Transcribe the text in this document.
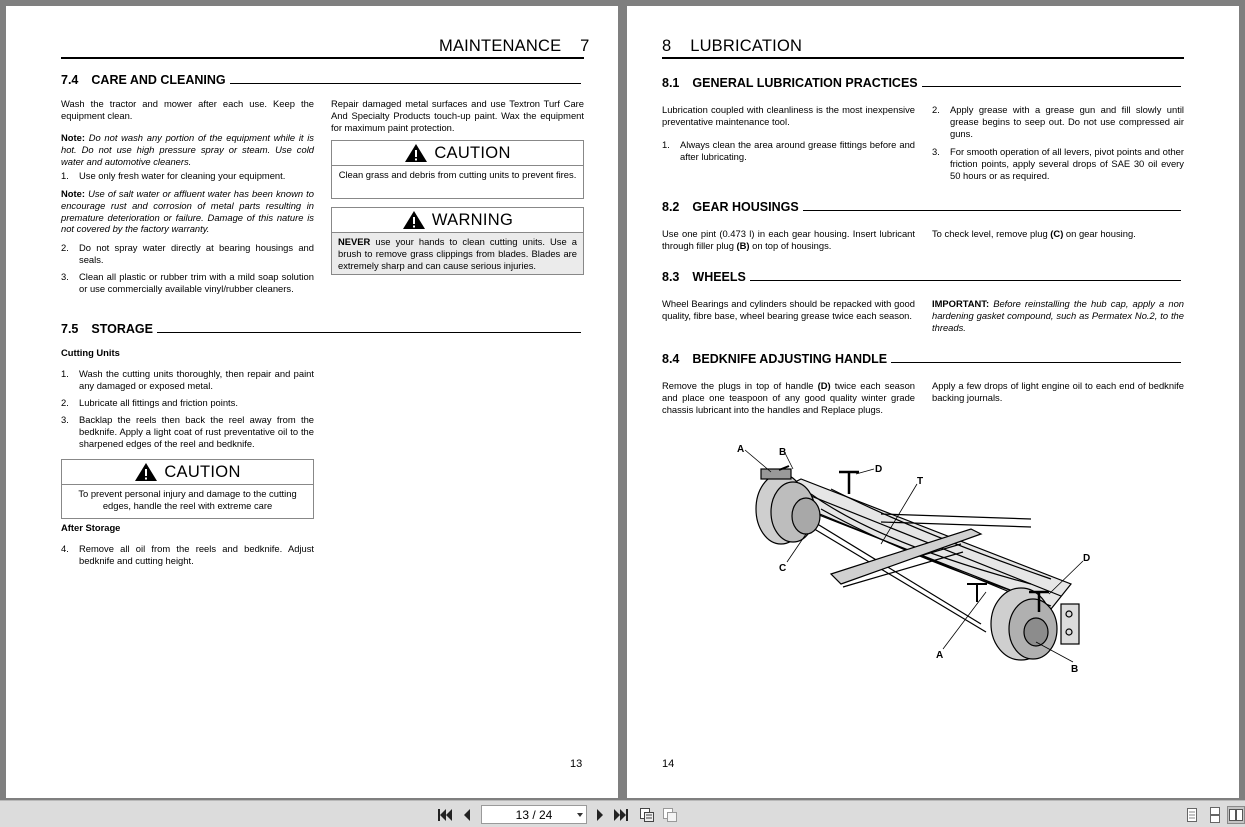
MAINTENANCE 7
7.4 CARE AND CLEANING
Wash the tractor and mower after each use. Keep the equipment clean.
Note: Do not wash any portion of the equipment while it is hot. Do not use high pressure spray or steam. Use cold water and automotive cleaners.
1. Use only fresh water for cleaning your equipment.
Note: Use of salt water or affluent water has been known to encourage rust and corrosion of metal parts resulting in premature deterioration or failure. Damage of this nature is not covered by the factory warranty.
2. Do not spray water directly at bearing housings and seals.
3. Clean all plastic or rubber trim with a mild soap solution or use commercially available vinyl/rubber cleaners.
Repair damaged metal surfaces and use Textron Turf Care And Specialty Products touch-up paint. Wax the equipment for maximum paint protection.
CAUTION
Clean grass and debris from cutting units to prevent fires.
WARNING
NEVER use your hands to clean cutting units. Use a brush to remove grass clippings from blades. Blades are extremely sharp and can cause serious injuries.
7.5 STORAGE
Cutting Units
1. Wash the cutting units thoroughly, then repair and paint any damaged or exposed metal.
2. Lubricate all fittings and friction points.
3. Backlap the reels then back the reel away from the bedknife. Apply a light coat of rust preventative oil to the sharpened edges of the reel and bedknife.
CAUTION
To prevent personal injury and damage to the cutting edges, handle the reel with extreme care
After Storage
4. Remove all oil from the reels and bedknife. Adjust bedknife and cutting height.
13
8 LUBRICATION
8.1 GENERAL LUBRICATION PRACTICES
Lubrication coupled with cleanliness is the most inexpensive preventative maintenance tool.
1. Always clean the area around grease fittings before and after lubricating.
2. Apply grease with a grease gun and fill slowly until grease begins to seep out. Do not use compressed air guns.
3. For smooth operation of all levers, pivot points and other friction points, apply several drops of SAE 30 oil every 50 hours or as required.
8.2 GEAR HOUSINGS
Use one pint (0.473 l) in each gear housing. Insert lubricant through filler plug (B) on top of housings.
To check level, remove plug (C) on gear housing.
8.3 WHEELS
Wheel Bearings and cylinders should be repacked with good quality, fibre base, wheel bearing grease twice each season.
IMPORTANT: Before reinstalling the hub cap, apply a non hardening gasket compound, such as Permatex No.2, to the threads.
8.4 BEDKNIFE ADJUSTING HANDLE
Remove the plugs in top of handle (D) twice each season and place one teaspoon of any good quality winter grade chassis lubricant into the handles and Replace plugs.
Apply a few drops of light engine oil to each end of bedknife backing journals.
A	B
D
T
C
D
A
B
14
13 / 24
